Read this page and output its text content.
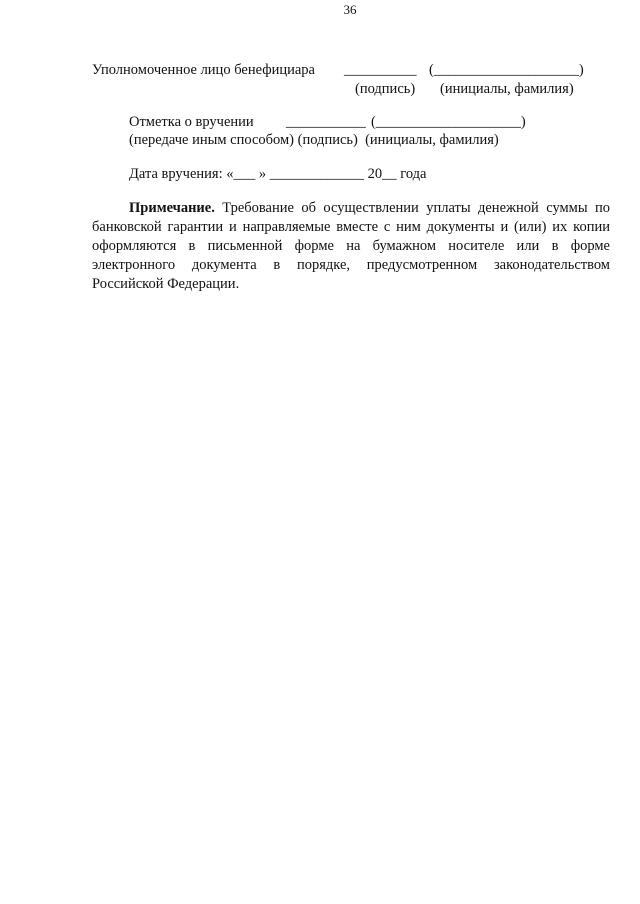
36
Уполномоченное лицо бенефициара __________ (____________________)
(подпись) (инициалы, фамилия)
Отметка о вручении ___________ (____________________)
(передаче иным способом) (подпись)  (инициалы, фамилия)
Дата вручения: «___ » _____________ 20__ года
Примечание. Требование об осуществлении уплаты денежной суммы по банковской гарантии и направляемые вместе с ним документы и (или) их копии оформляются в письменной форме на бумажном носителе или в форме электронного документа в порядке, предусмотренном законодательством Российской Федерации.
